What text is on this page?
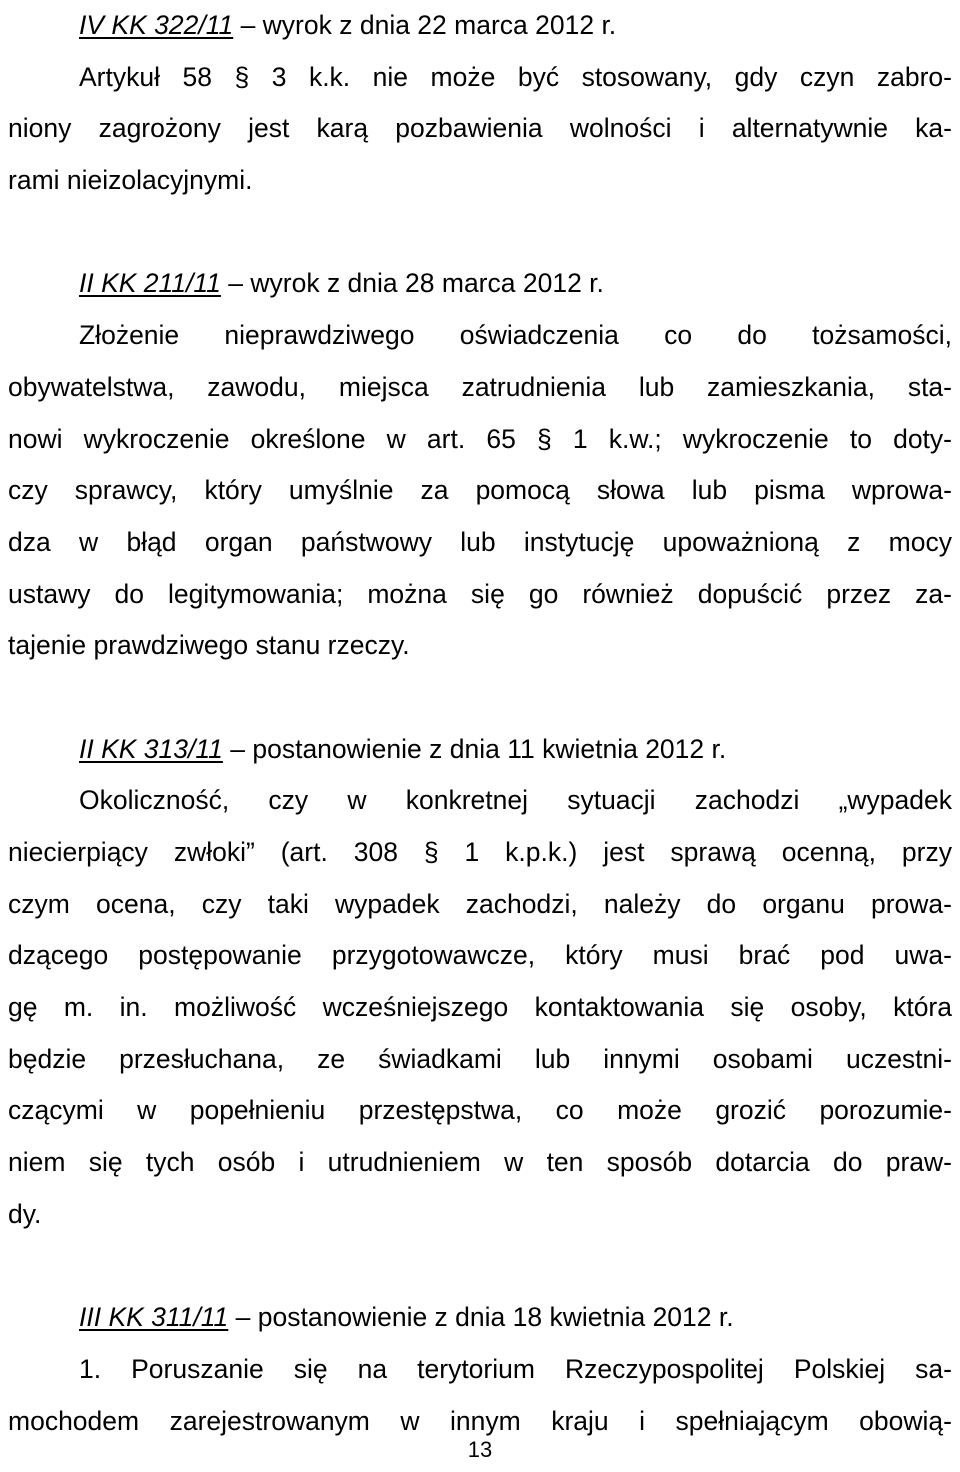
IV KK 322/11 – wyrok z dnia 22 marca 2012 r.
Artykuł 58 § 3 k.k. nie może być stosowany, gdy czyn zabro-
niony zagrożony jest karą pozbawienia wolności i alternatywnie ka-
rami nieizolacyjnymi.
II KK 211/11 – wyrok z dnia 28 marca 2012 r.
Złożenie nieprawdziwego oświadczenia co do tożsamości,
obywatelstwa, zawodu, miejsca zatrudnienia lub zamieszkania, sta-
nowi wykroczenie określone w art. 65 § 1 k.w.; wykroczenie to doty-
czy sprawcy, który umyślnie za pomocą słowa lub pisma wprowa-
dza w błąd organ państwowy lub instytucję upoważnioną z mocy
ustawy do legitymowania; można się go również dopuścić przez za-
tajenie prawdziwego stanu rzeczy.
II KK 313/11 – postanowienie z dnia 11 kwietnia 2012 r.
Okoliczność, czy w konkretnej sytuacji zachodzi „wypadek
niecierpiący zwłoki” (art. 308 § 1 k.p.k.) jest sprawą ocenną, przy
czym ocena, czy taki wypadek zachodzi, należy do organu prowa-
dzącego postępowanie przygotowawcze, który musi brać pod uwa-
gę m. in. możliwość wcześniejszego kontaktowania się osoby, która
będzie przesłuchana, ze świadkami lub innymi osobami uczestni-
czącymi w popełnieniu przestępstwa, co może grozić porozumie-
niem się tych osób i utrudnieniem w ten sposób dotarcia do praw-
dy.
III KK 311/11 – postanowienie z dnia 18 kwietnia 2012 r.
1. Poruszanie się na terytorium Rzeczypospolitej Polskiej sa-
mochodem zarejestrowanym w innym kraju i spełniającym obowią-
13
